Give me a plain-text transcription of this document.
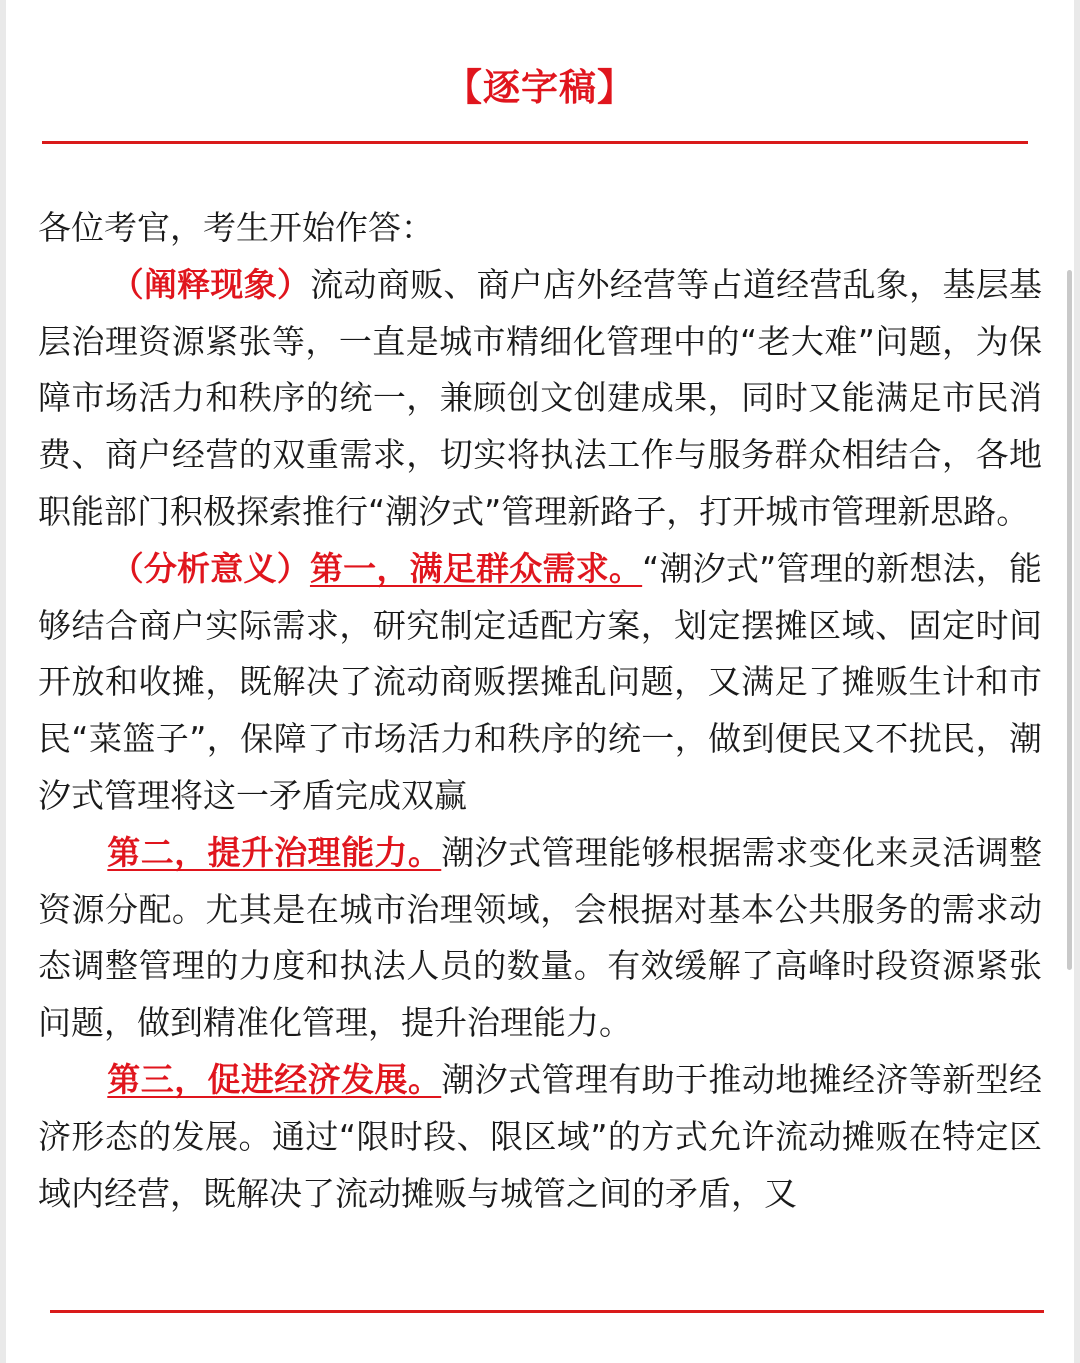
【逐字稿】

各位考官，考生开始作答：

（阐释现象）流动商贩、商户店外经营等占道经营乱象，基层基层治理资源紧张等，一直是城市精细化管理中的“老大难”问题，为保障市场活力和秩序的统一，兼顾创文创建成果，同时又能满足市民消费、商户经营的双重需求，切实将执法工作与服务群众相结合，各地职能部门积极探索推行“潮汐式”管理新路子，打开城市管理新思路。

（分析意义）第一，满足群众需求。“潮汐式”管理的新想法，能够结合商户实际需求，研究制定适配方案，划定摆摊区域、固定时间开放和收摊，既解决了流动商贩摆摊乱问题，又满足了摊贩生计和市民“菜篮子”，保障了市场活力和秩序的统一，做到便民又不扰民，潮汐式管理将这一矛盾完成双赢

第二，提升治理能力。潮汐式管理能够根据需求变化来灵活调整资源分配。尤其是在城市治理领域，会根据对基本公共服务的需求动态调整管理的力度和执法人员的数量。有效缓解了高峰时段资源紧张问题，做到精准化管理，提升治理能力。

第三，促进经济发展。潮汐式管理有助于推动地摊经济等新型经济形态的发展。通过“限时段、限区域”的方式允许流动摊贩在特定区域内经营，既解决了流动摊贩与城管之间的矛盾，又
